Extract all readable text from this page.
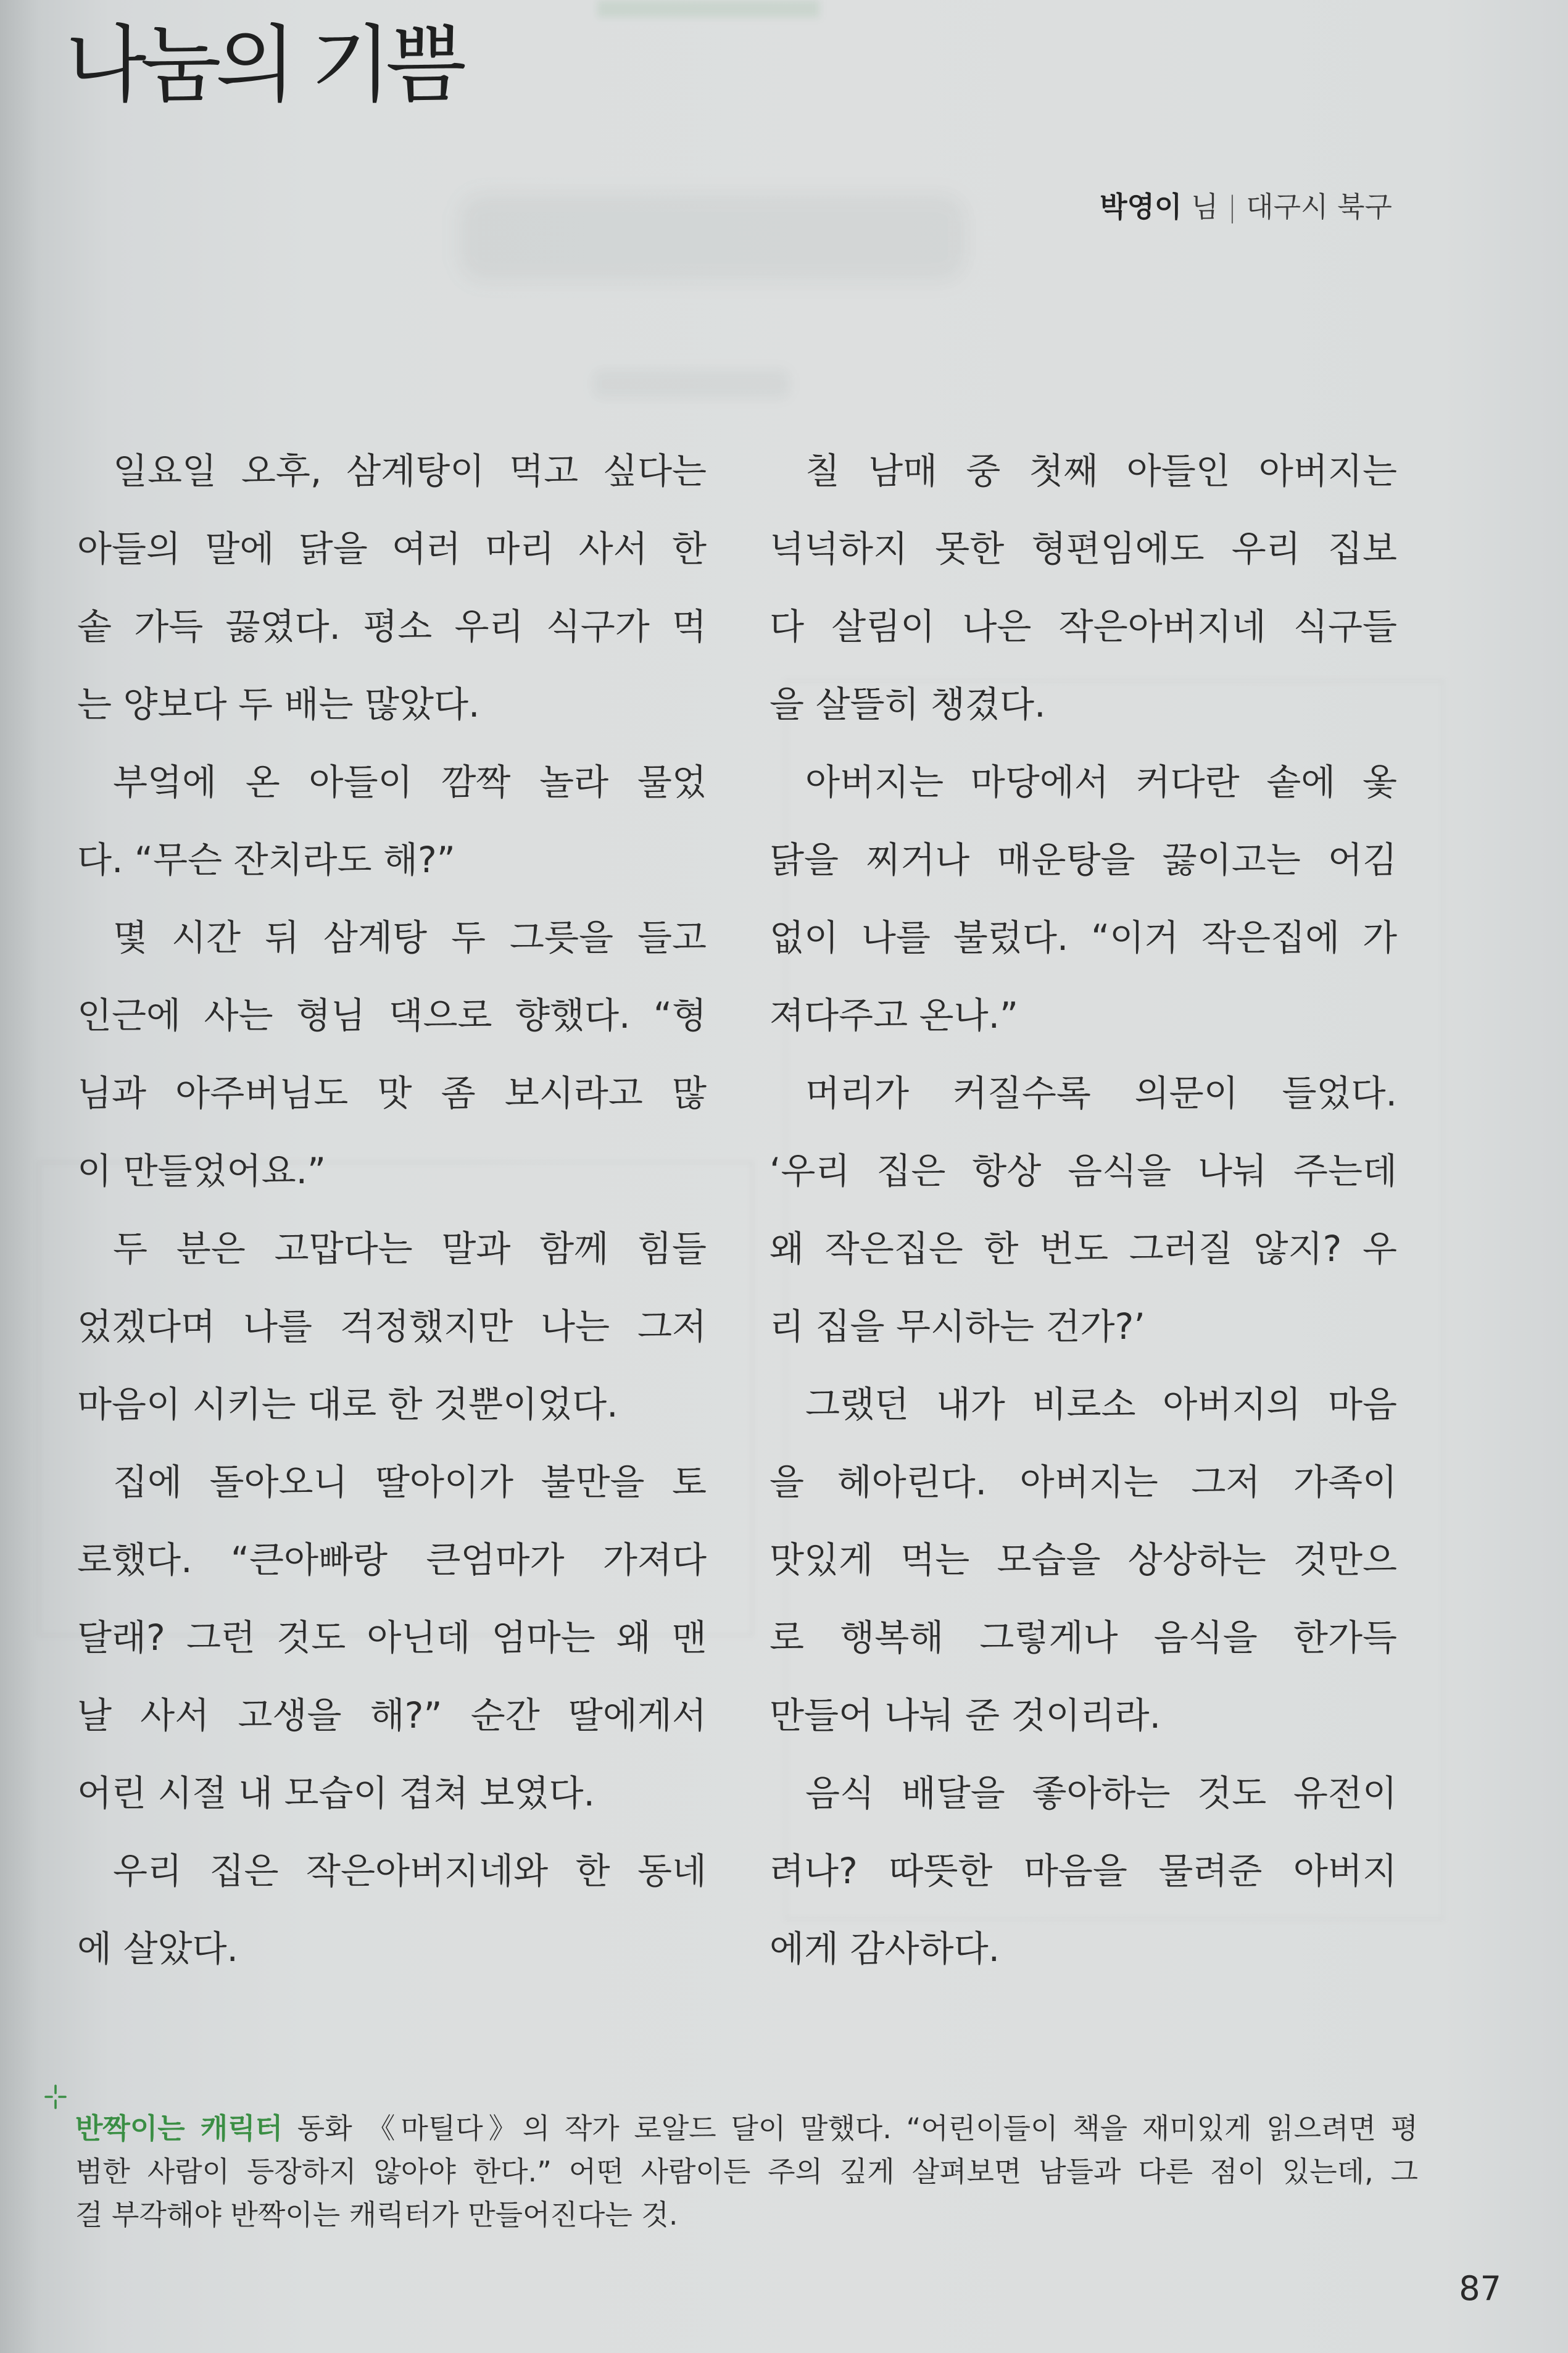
나눔의 기쁨
박영이 님 | 대구시 북구
일요일 오후, 삼계탕이 먹고 싶다는
아들의 말에 닭을 여러 마리 사서 한
솥 가득 끓였다. 평소 우리 식구가 먹
는 양보다 두 배는 많았다.
부엌에 온 아들이 깜짝 놀라 물었
다. “무슨 잔치라도 해?”
몇 시간 뒤 삼계탕 두 그릇을 들고
인근에 사는 형님 댁으로 향했다. “형
님과 아주버님도 맛 좀 보시라고 많
이 만들었어요.”
두 분은 고맙다는 말과 함께 힘들
었겠다며 나를 걱정했지만 나는 그저
마음이 시키는 대로 한 것뿐이었다.
집에 돌아오니 딸아이가 불만을 토
로했다. “큰아빠랑 큰엄마가 가져다
달래? 그런 것도 아닌데 엄마는 왜 맨
날 사서 고생을 해?” 순간 딸에게서
어린 시절 내 모습이 겹쳐 보였다.
우리 집은 작은아버지네와 한 동네
에 살았다.
칠 남매 중 첫째 아들인 아버지는
넉넉하지 못한 형편임에도 우리 집보
다 살림이 나은 작은아버지네 식구들
을 살뜰히 챙겼다.
아버지는 마당에서 커다란 솥에 옻
닭을 찌거나 매운탕을 끓이고는 어김
없이 나를 불렀다. “이거 작은집에 가
져다주고 온나.”
머리가 커질수록 의문이 들었다.
‘우리 집은 항상 음식을 나눠 주는데
왜 작은집은 한 번도 그러질 않지? 우
리 집을 무시하는 건가?’
그랬던 내가 비로소 아버지의 마음
을 헤아린다. 아버지는 그저 가족이
맛있게 먹는 모습을 상상하는 것만으
로 행복해 그렇게나 음식을 한가득
만들어 나눠 준 것이리라.
음식 배달을 좋아하는 것도 유전이
려나? 따뜻한 마음을 물려준 아버지
에게 감사하다.
반짝이는 캐릭터 동화 《마틸다》의 작가 로알드 달이 말했다. “어린이들이 책을 재미있게 읽으려면 평
범한 사람이 등장하지 않아야 한다.” 어떤 사람이든 주의 깊게 살펴보면 남들과 다른 점이 있는데, 그
걸 부각해야 반짝이는 캐릭터가 만들어진다는 것.
87
